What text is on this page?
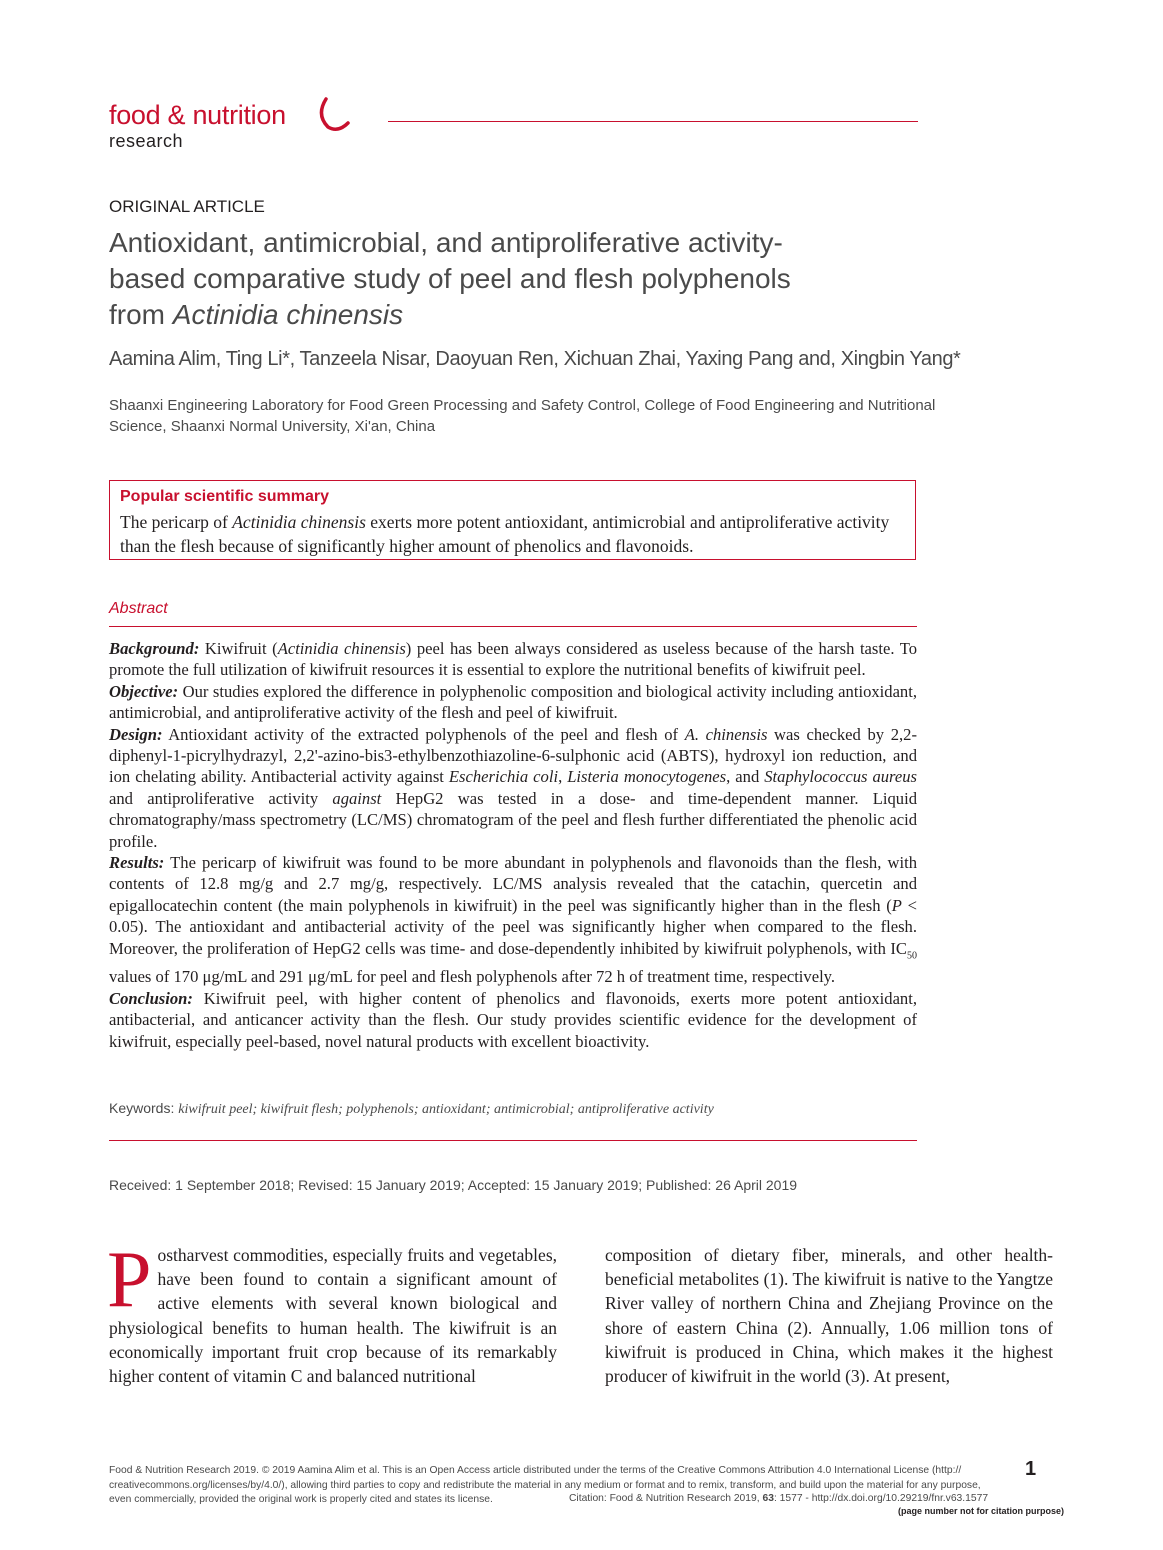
food & nutrition
research
ORIGINAL ARTICLE
Antioxidant, antimicrobial, and antiproliferative activity-
based comparative study of peel and flesh polyphenols
from Actinidia chinensis
Aamina Alim, Ting Li*, Tanzeela Nisar, Daoyuan Ren, Xichuan Zhai, Yaxing Pang and, Xingbin Yang*
Shaanxi Engineering Laboratory for Food Green Processing and Safety Control, College of Food Engineering and Nutritional Science, Shaanxi Normal University, Xi'an, China
Popular scientific summary
The pericarp of Actinidia chinensis exerts more potent antioxidant, antimicrobial and antiproliferative activity than the flesh because of significantly higher amount of phenolics and flavonoids.
Abstract

Background: Kiwifruit (Actinidia chinensis) peel has been always considered as useless because of the harsh taste. To promote the full utilization of kiwifruit resources it is essential to explore the nutritional benefits of kiwifruit peel.

Objective: Our studies explored the difference in polyphenolic composition and biological activity including antioxidant, antimicrobial, and antiproliferative activity of the flesh and peel of kiwifruit.

Design: Antioxidant activity of the extracted polyphenols of the peel and flesh of A. chinensis was checked by 2,2-diphenyl-1-picrylhydrazyl, 2,2'-azino-bis3-ethylbenzothiazoline-6-sulphonic acid (ABTS), hydroxyl ion reduction, and ion chelating ability. Antibacterial activity against Escherichia coli, Listeria monocytogenes, and Staphylococcus aureus and antiproliferative activity against HepG2 was tested in a dose- and time-dependent manner. Liquid chromatography/mass spectrometry (LC/MS) chromatogram of the peel and flesh further differentiated the phenolic acid profile.

Results: The pericarp of kiwifruit was found to be more abundant in polyphenols and flavonoids than the flesh, with contents of 12.8 mg/g and 2.7 mg/g, respectively. LC/MS analysis revealed that the catachin, quercetin and epigallocatechin content (the main polyphenols in kiwifruit) in the peel was significantly higher than in the flesh (P < 0.05). The antioxidant and antibacterial activity of the peel was significantly higher when compared to the flesh. Moreover, the proliferation of HepG2 cells was time- and dose-dependently inhibited by kiwifruit polyphenols, with $IC_{50}$ values of 170 μg/mL and 291 μg/mL for peel and flesh polyphenols after 72 h of treatment time, respectively.

Conclusion: Kiwifruit peel, with higher content of phenolics and flavonoids, exerts more potent antioxidant, antibacterial, and anticancer activity than the flesh. Our study provides scientific evidence for the development of kiwifruit, especially peel-based, novel natural products with excellent bioactivity.

Keywords: kiwifruit peel; kiwifruit flesh; polyphenols; antioxidant; antimicrobial; antiproliferative activity
Received: 1 September 2018; Revised: 15 January 2019; Accepted: 15 January 2019; Published: 26 April 2019
Postharvest commodities, especially fruits and vegetables, have been found to contain a significant amount of active elements with several known biological and physiological benefits to human health. The kiwifruit is an economically important fruit crop because of its remarkably higher content of vitamin C and balanced nutritional
composition of dietary fiber, minerals, and other health-beneficial metabolites (1). The kiwifruit is native to the Yangtze River valley of northern China and Zhejiang Province on the shore of eastern China (2). Annually, 1.06 million tons of kiwifruit is produced in China, which makes it the highest producer of kiwifruit in the world (3). At present,
Food & Nutrition Research 2019. © 2019 Aamina Alim et al. This is an Open Access article distributed under the terms of the Creative Commons Attribution 4.0 International License (http:// creativecommons.org/licenses/by/4.0/), allowing third parties to copy and redistribute the material in any medium or format and to remix, transform, and build upon the material for any purpose, even commercially, provided the original work is properly cited and states its license.	Citation: Food & Nutrition Research 2019, 63: 1577 - http://dx.doi.org/10.29219/fnr.v63.1577
1
(page number not for citation purpose)
